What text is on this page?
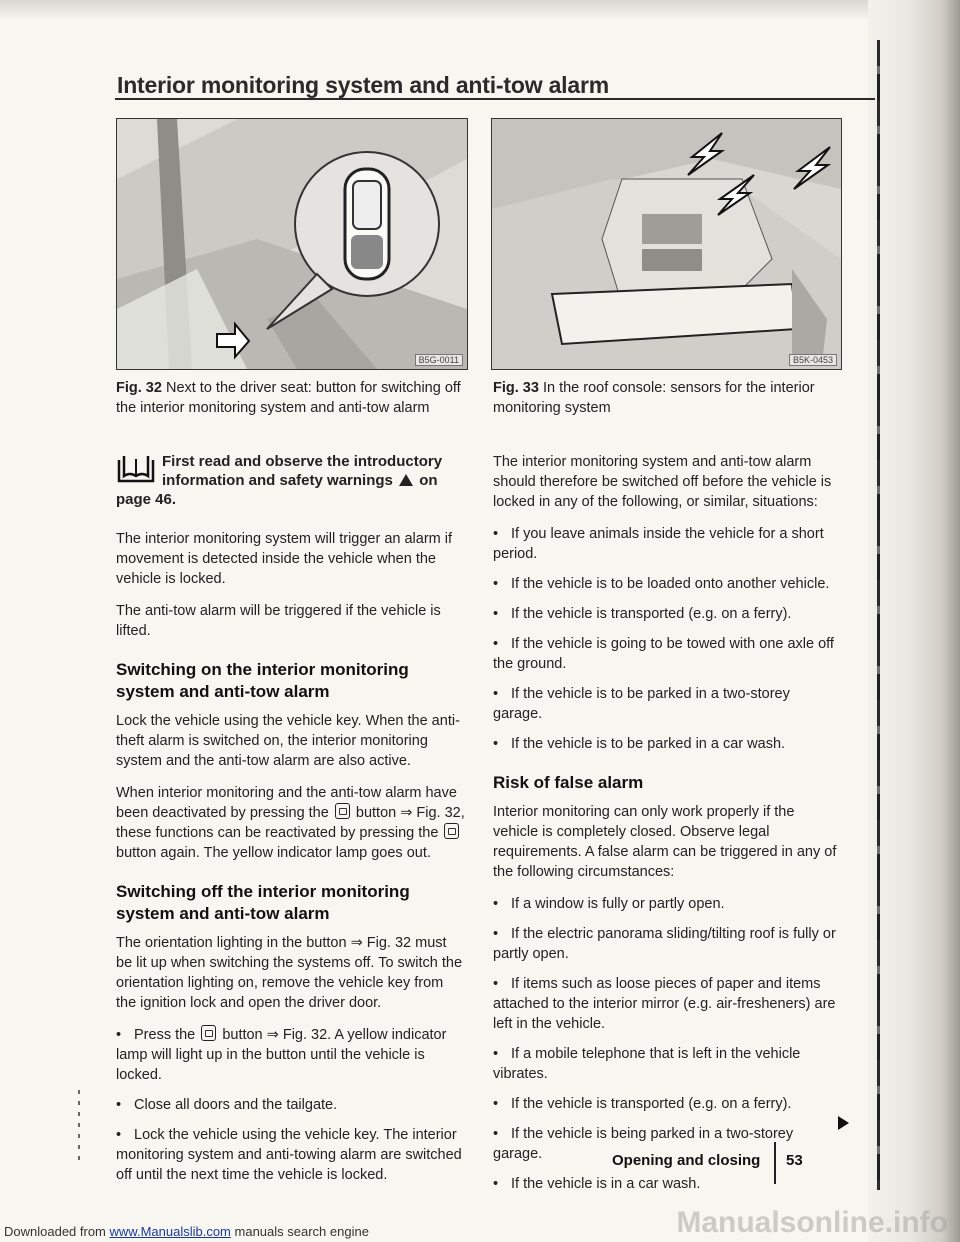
Interior monitoring system and anti-tow alarm
B5G-0011
Fig. 32 Next to the driver seat: button for switching off the interior monitoring system and anti-tow alarm
B5K-0453
Fig. 33 In the roof console: sensors for the interior monitoring system
First read and observe the introductory information and safety warnings on
page 46.

The interior monitoring system will trigger an alarm if movement is detected inside the vehicle when the vehicle is locked.

The anti-tow alarm will be triggered if the vehicle is lifted.

Switching on the interior monitoring system and anti-tow alarm

Lock the vehicle using the vehicle key. When the anti-theft alarm is switched on, the interior monitoring system and the anti-tow alarm are also active.

When interior monitoring and the anti-tow alarm have been deactivated by pressing the button ⇒ Fig. 32, these functions can be reactivated by pressing the  button again. The yellow indicator lamp goes out.

Switching off the interior monitoring system and anti-tow alarm

The orientation lighting in the button ⇒ Fig. 32 must be lit up when switching the systems off. To switch the orientation lighting on, remove the vehicle key from the ignition lock and open the driver door.

• Press the button ⇒ Fig. 32. A yellow indicator lamp will light up in the button until the vehicle is locked.
• Close all doors and the tailgate.
• Lock the vehicle using the vehicle key. The interior monitoring system and anti-towing alarm are switched off until the next time the vehicle is locked.

The interior monitoring system and anti-tow alarm should therefore be switched off before the vehicle is locked in any of the following, or similar, situations:

• If you leave animals inside the vehicle for a short period.
• If the vehicle is to be loaded onto another vehicle.
• If the vehicle is transported (e.g. on a ferry).
• If the vehicle is going to be towed with one axle off the ground.
• If the vehicle is to be parked in a two-storey garage.
• If the vehicle is to be parked in a car wash.
Risk of false alarm

Interior monitoring can only work properly if the vehicle is completely closed. Observe legal requirements. A false alarm can be triggered in any of the following circumstances:

• If a window is fully or partly open.
• If the electric panorama sliding/tilting roof is fully or partly open.
• If items such as loose pieces of paper and items attached to the interior mirror (e.g. air-fresheners) are left in the vehicle.
• If a mobile telephone that is left in the vehicle vibrates.
• If the vehicle is transported (e.g. on a ferry).
• If the vehicle is being parked in a two-storey garage.
• If the vehicle is in a car wash.
Opening and closing 53
Downloaded from www.Manualslib.com manuals search engine	Manualsonline.info
